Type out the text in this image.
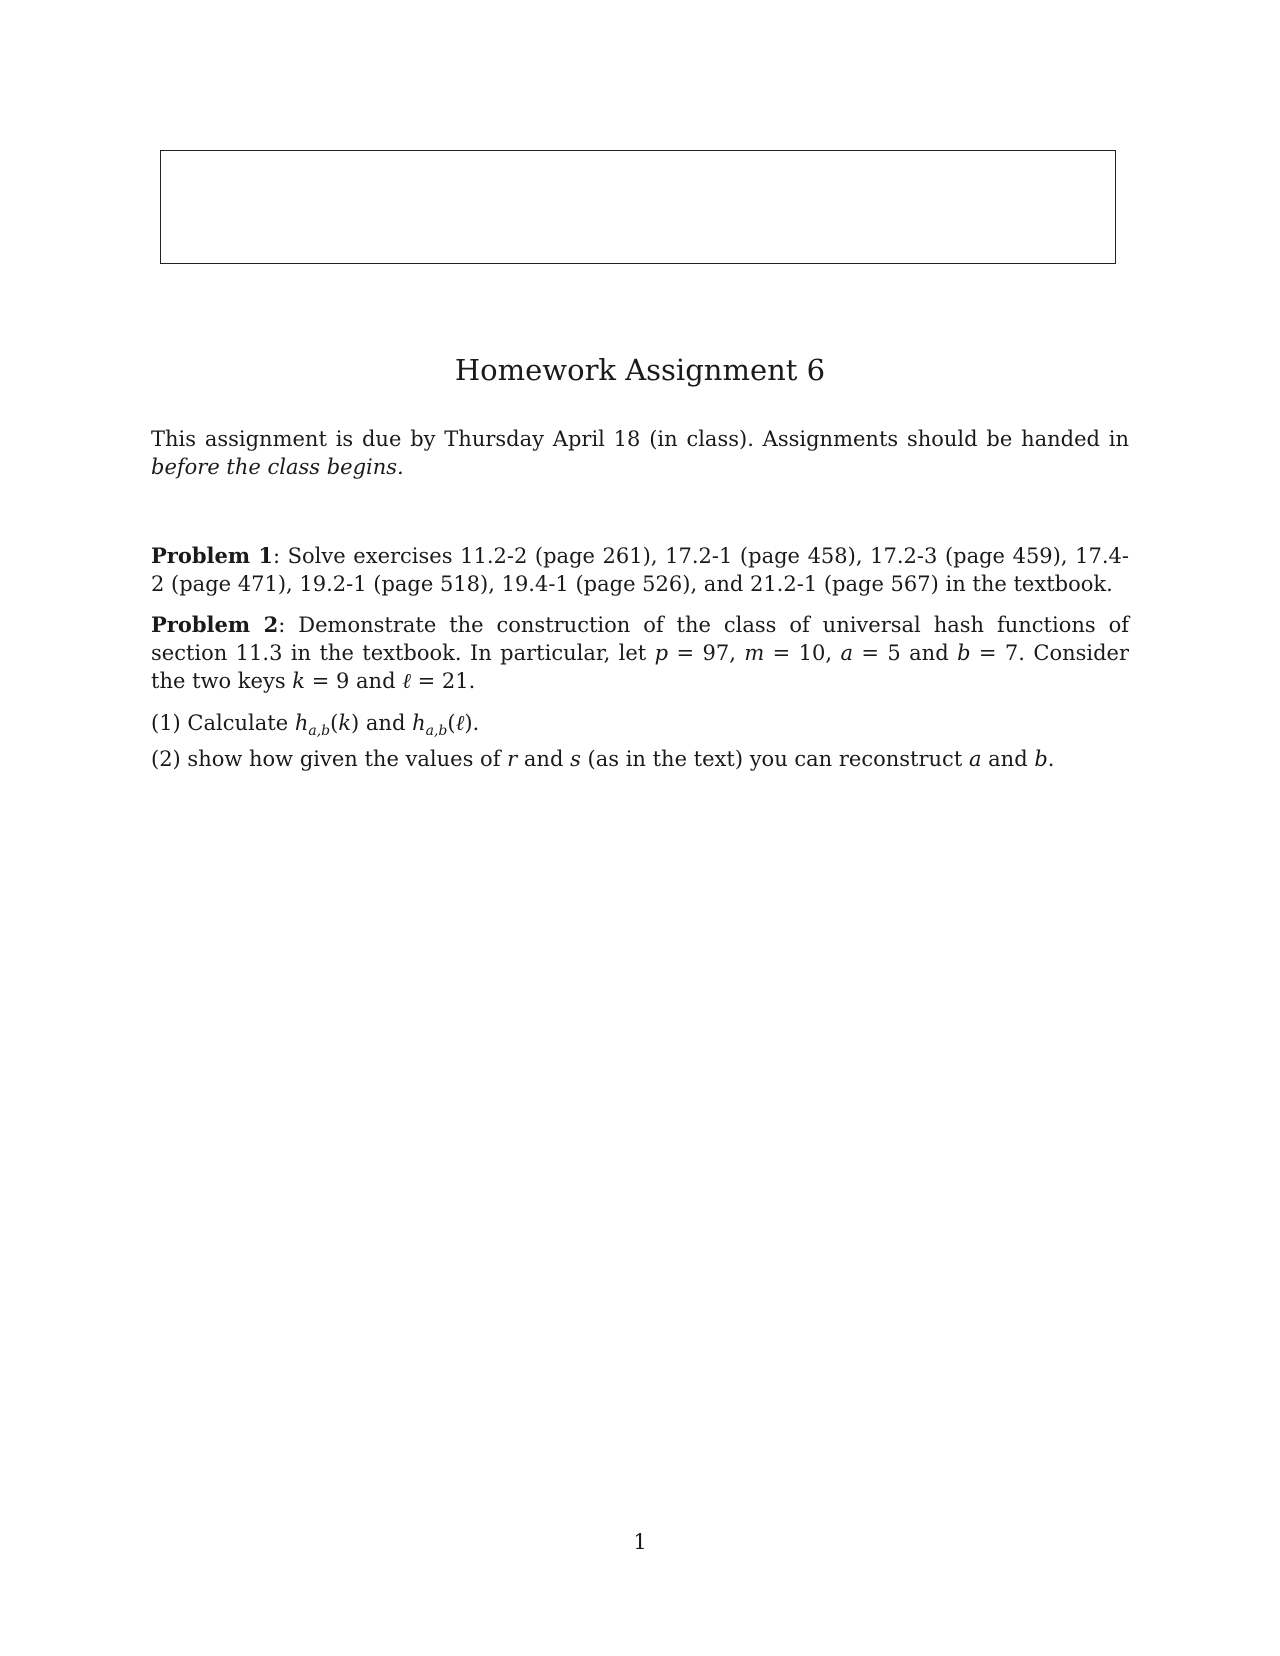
Homework Assignment 6

This assignment is due by Thursday April 18 (in class). Assignments should be handed in before the class begins.

Problem 1: Solve exercises 11.2-2 (page 261), 17.2-1 (page 458), 17.2-3 (page 459), 17.4-2 (page 471), 19.2-1 (page 518), 19.4-1 (page 526), and 21.2-1 (page 567) in the textbook.

Problem 2: Demonstrate the construction of the class of universal hash functions of section 11.3 in the textbook. In particular, let p = 97, m = 10, a = 5 and b = 7. Consider the two keys k = 9 and ℓ = 21.

(1) Calculate $h_{a,b}(k)$ and $h_{a,b}(\ell)$.
(2) show how given the values of r and s (as in the text) you can reconstruct a and b.

1
